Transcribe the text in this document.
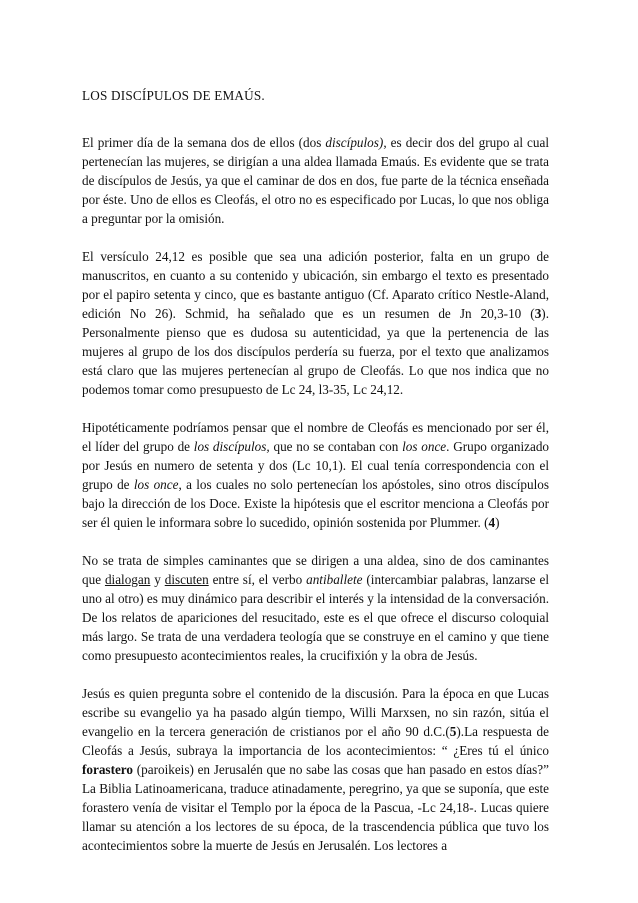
LOS DISCÍPULOS DE EMAÚS.

El primer día de la semana dos de ellos (dos discípulos), es decir dos del grupo al cual pertenecían las mujeres, se dirigían a una aldea llamada Emaús. Es evidente que se trata de discípulos de Jesús, ya que el caminar de dos en dos, fue parte de la técnica enseñada por éste. Uno de ellos es Cleofás, el otro no es especificado por Lucas, lo que nos obliga a preguntar por la omisión.

El versículo 24,12 es posible que sea una adición posterior, falta en un grupo de manuscritos, en cuanto a su contenido y ubicación, sin embargo el texto es presentado por el papiro setenta y cinco, que es bastante antiguo (Cf. Aparato crítico Nestle-Aland, edición No 26). Schmid, ha señalado que es un resumen de Jn 20,3-10 (3). Personalmente pienso que es dudosa su autenticidad, ya que la pertenencia de las mujeres al grupo de los dos discípulos perdería su fuerza, por el texto que analizamos está claro que las mujeres pertenecían al grupo de Cleofás. Lo que nos indica que no podemos tomar como presupuesto de Lc 24, l3-35, Lc 24,12.

Hipotéticamente podríamos pensar que el nombre de Cleofás es mencionado por ser él, el líder del grupo de los discípulos, que no se contaban con los once. Grupo organizado por Jesús en numero de setenta y dos (Lc 10,1). El cual tenía correspondencia con el grupo de los once, a los cuales no solo pertenecían los apóstoles, sino otros discípulos bajo la dirección de los Doce. Existe la hipótesis que el escritor menciona a Cleofás por ser él quien le informara sobre lo sucedido, opinión sostenida por Plummer. (4)

No se trata de simples caminantes que se dirigen a una aldea, sino de dos caminantes que dialogan y discuten entre sí, el verbo antiballete (intercambiar palabras, lanzarse el uno al otro) es muy dinámico para describir el interés y la intensidad de la conversación. De los relatos de apariciones del resucitado, este es el que ofrece el discurso coloquial más largo. Se trata de una verdadera teología que se construye en el camino y que tiene como presupuesto acontecimientos reales, la crucifixión y la obra de Jesús.

Jesús es quien pregunta sobre el contenido de la discusión. Para la época en que Lucas escribe su evangelio ya ha pasado algún tiempo, Willi Marxsen, no sin razón, sitúa el evangelio en la tercera generación de cristianos por el año 90 d.C.(5).La respuesta de Cleofás a Jesús, subraya la importancia de los acontecimientos: “ ¿Eres tú el único forastero (paroikeis) en Jerusalén que no sabe las cosas que han pasado en estos días?” La Biblia Latinoamericana, traduce atinadamente, peregrino, ya que se suponía, que este forastero venía de visitar el Templo por la época de la Pascua, -Lc 24,18-. Lucas quiere llamar su atención a los lectores de su época, de la trascendencia pública que tuvo los acontecimientos sobre la muerte de Jesús en Jerusalén. Los lectores a
